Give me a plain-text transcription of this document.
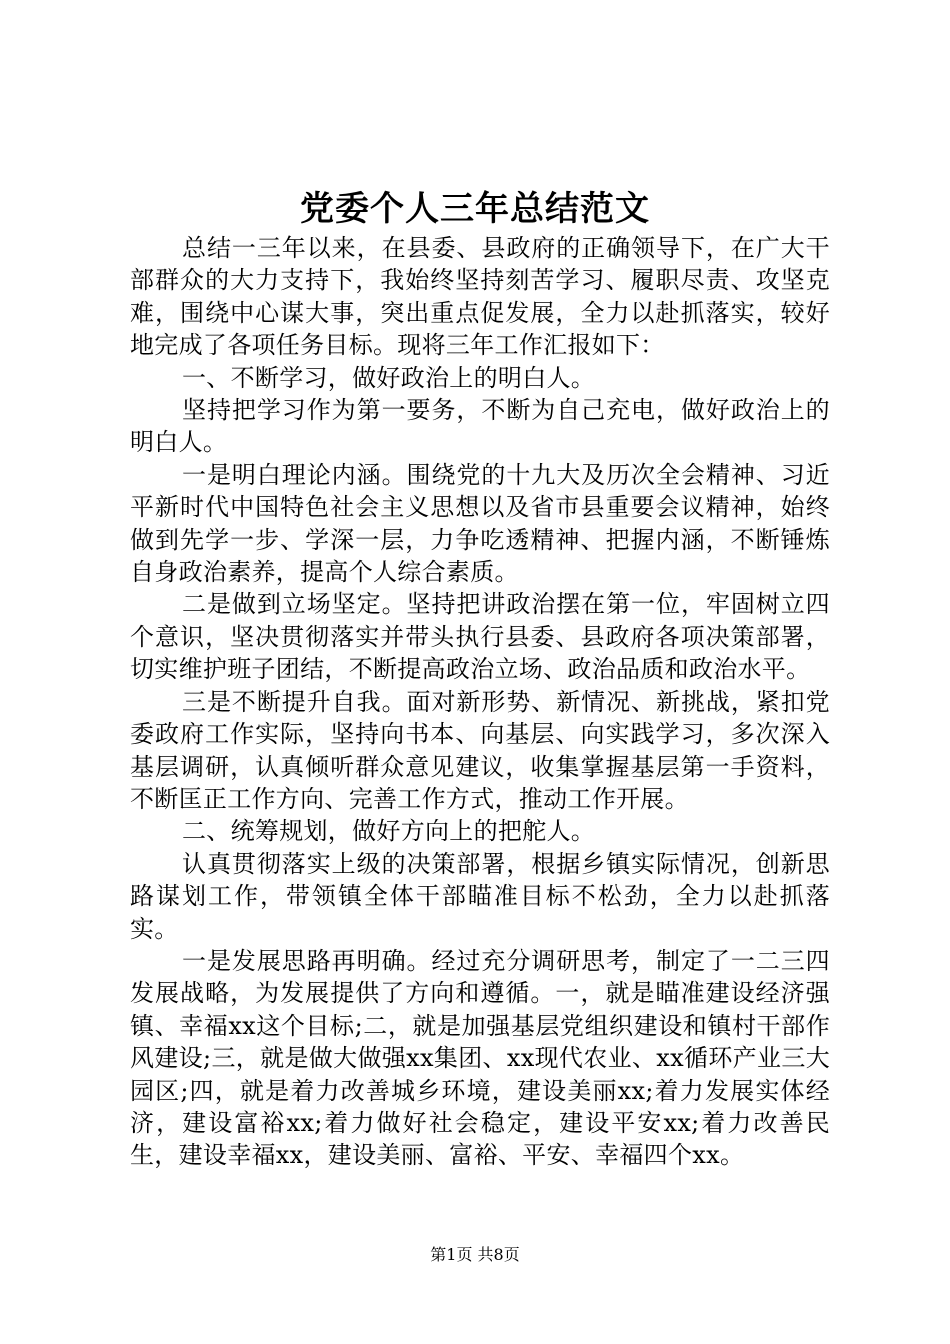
党委个人三年总结范文

总结一三年以来，在县委、县政府的正确领导下，在广大干部群众的大力支持下，我始终坚持刻苦学习、履职尽责、攻坚克难，围绕中心谋大事，突出重点促发展，全力以赴抓落实，较好地完成了各项任务目标。现将三年工作汇报如下：

一、不断学习，做好政治上的明白人。

坚持把学习作为第一要务，不断为自己充电，做好政治上的明白人。

一是明白理论内涵。围绕党的十九大及历次全会精神、习近平新时代中国特色社会主义思想以及省市县重要会议精神，始终做到先学一步、学深一层，力争吃透精神、把握内涵，不断锤炼自身政治素养，提高个人综合素质。

二是做到立场坚定。坚持把讲政治摆在第一位，牢固树立四个意识，坚决贯彻落实并带头执行县委、县政府各项决策部署，切实维护班子团结，不断提高政治立场、政治品质和政治水平。

三是不断提升自我。面对新形势、新情况、新挑战，紧扣党委政府工作实际，坚持向书本、向基层、向实践学习，多次深入基层调研，认真倾听群众意见建议，收集掌握基层第一手资料，不断匡正工作方向、完善工作方式，推动工作开展。

二、统筹规划，做好方向上的把舵人。

认真贯彻落实上级的决策部署，根据乡镇实际情况，创新思路谋划工作，带领镇全体干部瞄准目标不松劲，全力以赴抓落实。

一是发展思路再明确。经过充分调研思考，制定了一二三四发展战略，为发展提供了方向和遵循。一，就是瞄准建设经济强镇、幸福xx这个目标;二，就是加强基层党组织建设和镇村干部作风建设;三，就是做大做强xx集团、xx现代农业、xx循环产业三大园区;四，就是着力改善城乡环境，建设美丽xx;着力发展实体经济，建设富裕xx;着力做好社会稳定，建设平安xx;着力改善民生，建设幸福xx，建设美丽、富裕、平安、幸福四个xx。

第1页 共8页
